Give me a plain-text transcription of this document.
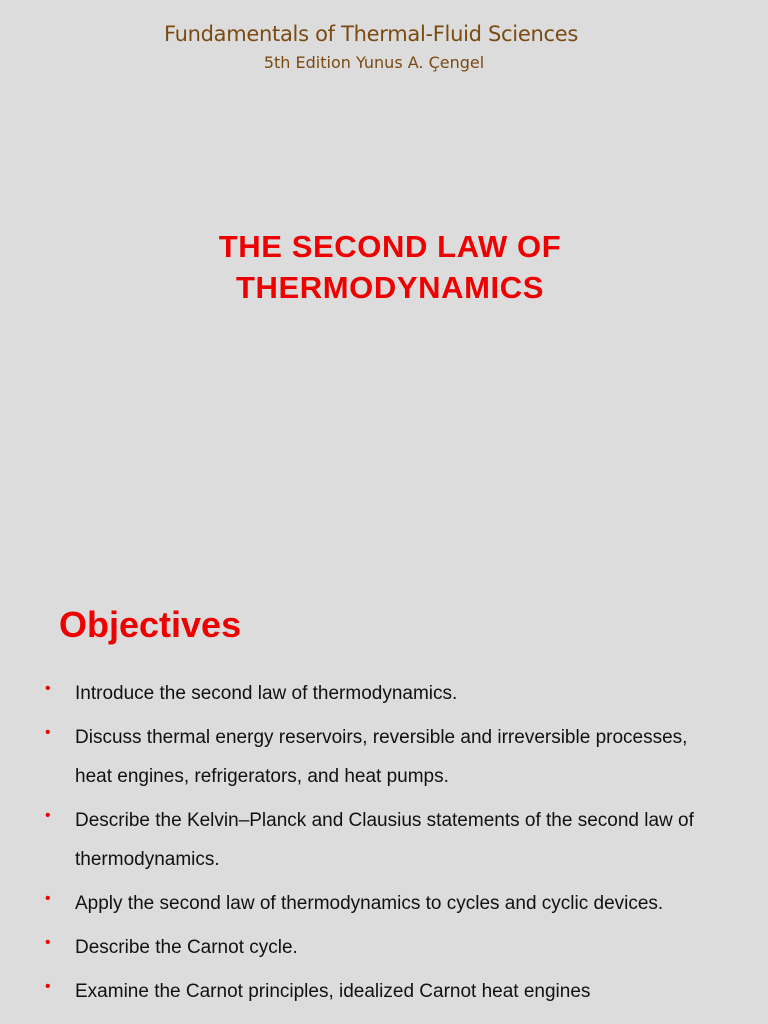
Fundamentals of Thermal-Fluid Sciences
5th Edition Yunus A. Çengel
THE SECOND LAW OF
THERMODYNAMICS
Objectives
• Introduce the second law of thermodynamics.
• Discuss thermal energy reservoirs, reversible and irreversible processes, heat engines, refrigerators, and heat pumps.
• Describe the Kelvin–Planck and Clausius statements of the second law of thermodynamics.
• Apply the second law of thermodynamics to cycles and cyclic devices.
• Describe the Carnot cycle.
• Examine the Carnot principles, idealized Carnot heat engines
